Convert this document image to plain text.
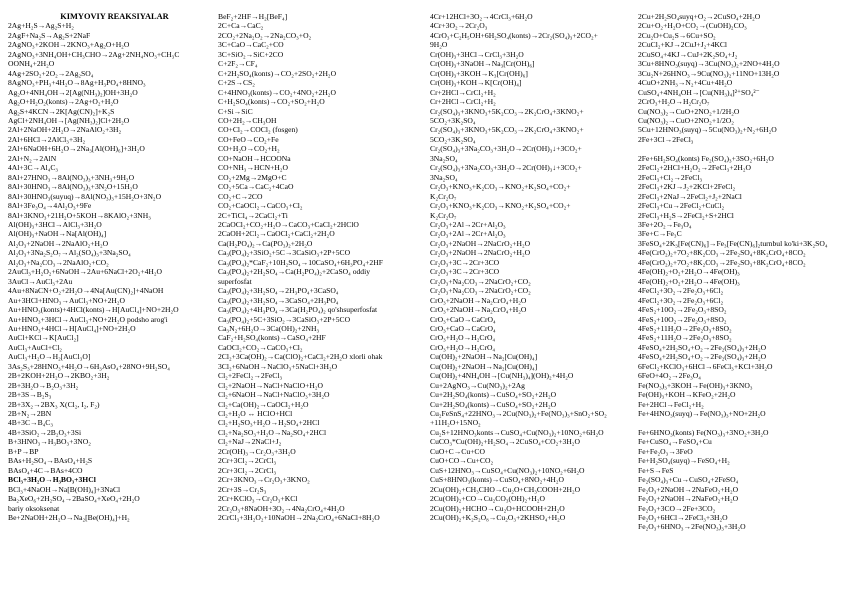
KIMYOVIY REAKSIYALAR
2Ag+H₂S→Ag₂S+H₂
2AgF+Na₂S→Ag₂S+2NaF
2AgNO₃+2KOH→2KNO₃+Ag₂O+H₂O
2AgNO₃+3NH₄OH+CH₃CHO→2Ag+2NH₄NO₃+CH₃C
OONH₄+2H₂O
4Ag+2SO₂+2O₂→2Ag₂SO₄
8AgNO₃+PH₃+4H₂O→8Ag+H₃PO₄+8HNO₃
Ag₂O+4NH₄OH→2[Ag(NH₃)₂]OH+3H₂O
Ag₂O+H₂O₂(konts)→2Ag+O₂+H₂O
Ag₂S+4KCN→2K[Ag(CN)₂]+K₂S
AgCl+2NH₄OH→[Ag(NH₃)₂]Cl+2H₂O
2Al+2NaOH+2H₂O→2NaAlO₂+3H₂
2Al+6HCl→2AlCl₃+3H₂
2Al+6NaOH+6H₂O→2Na₃[Al(OH)₆]+3H₂O
2Al+N₂→2AlN
4Al+3C→Al₄C₃
8Al+27HNO₃→8Al(NO₃)₃+3NH₃+9H₂O
8Al+30HNO₃→8Al(NO₃)₃+3N₂O+15H₂O
8Al+30HNO₃(suyuq)→8Al(NO₃)₃+15H₂O+3N₂O
8Al+3Fe₃O₄→4Al₂O₃+9Fe
8Al+3KNO₃+21H₂O+5KOH→8KAlO₂+3NH₃
Al(OH)₃+3HCl→AlCl₃+3H₂O
Al(OH)₃+NaOH→Na[Al(OH)₄]
Al₂O₃+2NaOH→2NaAlO₂+H₂O
Al₂O₃+3Na₂S₂O₇→Al₂(SO₄)₃+3Na₂SO₄
Al₂O₃+Na₂CO₃→2NaAlO₂+CO₂
2AuCl₃+H₂O₂+6NaOH→2Au+6NaCl+2O₂+4H₂O
3AuCl→AuCl₃+2Au
4Au+8NaCN+O₂+2H₂O→4Na[Au(CN)₂]+4NaOH
Au+3HCl+HNO₃→AuCl₃+NO+2H₂O
Au+HNO₃(konts)+4HCl(konts)→H[AuCl₄]+NO+2H₂O
Au+HNO₃+3HCl→AuCl₃+NO+2H₂O podsho arog'i
Au+HNO₃+4HCl→H[AuCl₄]+NO+2H₂O
AuCl+KCl→K[AuCl₂]
AuCl₃+AuCl+Cl₂
AuCl₃+H₂O→H₂[AuCl₃O]
3As₂S₃+28HNO₃+4H₂O→6H₃AsO₄+28NO+9H₂SO₄
2B+2KOH+2H₂O→2KBO₂+3H₂
2B+3H₂O→B₂O₃+3H₂
2B+3S→B₂S₃
2B+3X₂→2BX₃ X(Cl₂, I₂, F₂)
2B+N₂→2BN
4B+3C→B₄C₃
4B+3SiO₂→2B₂O₃+3Si
B+3HNO₃→H₃BO₃+3NO₂
B+P→BP
BAs+H₂SO₄→BAsO₄+H₂S
BAsO₄+4C→BAs+4CO
BCl₃+3H₂O→H₃BO₃+3HCl
BCl₃+4NaOH→Na[B(OH)₄]+3NaCl
Ba₂XeO₆+2H₂SO₄→2BaSO₄+XeO₄+2H₂O
bariy oksoksenat
Be+2NaOH+2H₂O→Na₂[Be(OH)₄]+H₂
BeF₂+2HF→H₂[BeF₄]
2C+Ca→CaC₂
2CO₂+2Na₂O₂→2Na₂CO₃+O₂
3C+CaO→CaC₂+CO
3C+SiO₂→SiC+2CO
C+2F₂→CF₄
C+2H₂SO₄(konts)→CO₂+2SO₂+2H₂O
C+2S→CS₂
C+4HNO₃(konts)→CO₂+4NO₂+2H₂O
C+H₂SO₄(konts)→CO₂+SO₂+H₂O
C+Si→SiC
CO+2H₂→CH₃OH
CO+Cl₂→COCl₂ (fosgen)
CO+FeO→CO₂+Fe
CO+H₂O→CO₂+H₂
CO+NaOH→HCOONa
CO+NH₃→HCN+H₂O
CO₂+2Mg→2MgO+C
CO₂+5Ca→CaC₂+4CaO
CO₂+C→2CO
CO₂+CaOCl₂→CaCO₃+Cl₂
2C+TiCl₄→2CaCl₂+Ti
2CaOCl₂+CO₂+H₂O→CaCO₃+CaCl₂+2HClO
2CaOH+2Cl₂→CaOCl₂+CaCl₂+2H₂O
Ca(H₂PO₄)₂→Ca(PO₃)₂+2H₂O
Ca₃(PO₄)₂+3SiO₂+5C→3CaSiO₃+2P+5CO
Ca₃(PO₄)₂*CaF₂+10H₂SO₄→10CaSO₄+6H₃PO₄+2HF
Ca₃(PO₄)₂+2H₂SO₄→Ca(H₂PO₄)₂+2CaSO₄ oddiy
superfosfat
Ca₃(PO₄)₂+3H₂SO₄→2H₃PO₄+3CaSO₄
Ca₃(PO₄)₂+3H₂SO₄→3CaSO₄+2H₃PO₄
Ca₃(PO₄)₂+4H₃PO₄→3Ca(H₂PO₄)₂ qo'shsuperfosfat
Ca₃(PO₄)₂+5C+3SiO₂→3CaSiO₃+2P+5CO
Ca₃N₂+6H₂O→3Ca(OH)₂+2NH₃
CaF₂+H₂SO₄(konts)→CaSO₄+2HF
CaOCl₂+CO₂→CaCO₃+Cl₂
2Cl₂+3Ca(OH)₂→Ca(ClO)₂+CaCl₂+2H₂O xlorli ohak
3Cl₂+6NaOH→NaClO₃+5NaCl+3H₂O
Cl₂+2FeCl₂→2FeCl₃
Cl₂+2NaOH→NaCl+NaClO+H₂O
Cl₂+6NaOH→NaCl+NaClO₃+3H₂O
Cl₂+Ca(OH)₂→CaOCl₂+H₂O
Cl₂+H₂O ↔ HClO+HCl
Cl₂+H₂SO₃+H₂O→H₂SO₄+2HCl
Cl₂+Na₂SO₃+H₂O→Na₂SO₄+2HCl
Cl₂+NaJ→2NaCl+J₂
2Cr(OH)₃→Cr₂O₃+3H₂O
2Cr+3Cl₂→2CrCl₃
2Cr+3Cl₂→2CrCl₃
2Cr+3KNO₃→Cr₂O₃+3KNO₂
2Cr+3S→Cr₂S₃
2Cr+KClO₃→Cr₂O₃+KCl
2Cr₂O₃+8NaOH+3O₂→4Na₂CrO₄+4H₂O
2CrCl₃+3H₂O₂+10NaOH→2Na₂CrO₄+6NaCl+8H₂O
4Cr+12HCl+3O₂→4CrCl₃+6H₂O
4Cr+3O₂→2Cr₂O₃
4CrO₃+C₂H₅OH+6H₂SO₄(konts)→2Cr₂(SO₄)₃+2CO₂+
9H₂O
Cr(OH)₃+3HCl→CrCl₃+3H₂O
Cr(OH)₃+3NaOH→Na₃[Cr(OH)₆]
Cr(OH)₃+3KOH→K₃[Cr(OH)₆]
Cr(OH)₃+KOH→K[Cr(OH)₄]
Cr+2HCl→CrCl₂+H₂
Cr+2HCl→CrCl₂+H₂
Cr₂(SO₄)₃+3KNO₃+5K₂CO₃→2K₂CrO₄+3KNO₂+
5CO₂+3K₂SO₄
Cr₂(SO₄)₃+3KNO₃+5K₂CO₃→2K₂CrO₄+3KNO₂+
5CO₂+3K₂SO₄
Cr₂(SO₄)₃+3Na₂CO₃+3H₂O→2Cr(OH)₃↓+3CO₂+
3Na₂SO₄
Cr₂(SO₄)₃+3Na₂CO₃+3H₂O→2Cr(OH)₃↓+3CO₂+
3Na₂SO₄
Cr₂O₃+KNO₃+K₂CO₃→KNO₂+K₂SO₄+CO₂+
K₂Cr₂O₇
Cr₂O₃+KNO₃+K₂CO₃→KNO₂+K₂SO₄+CO₂+
K₂Cr₂O₇
Cr₂O₃+2Al→2Cr+Al₂O₃
Cr₂O₃+2Al→2Cr+Al₂O₃
Cr₂O₃+2NaOH→2NaCrO₂+H₂O
Cr₂O₃+2NaOH→2NaCrO₂+H₂O
Cr₂O₃+3C→2Cr+3CO
Cr₂O₃+3C→2Cr+3CO
Cr₂O₃+Na₂CO₃→2NaCrO₂+CO₂
Cr₂O₃+Na₂CO₃→2NaCrO₂+CO₂
CrO₃+2NaOH→Na₂CrO₄+H₂O
CrO₃+2NaOH→Na₂CrO₄+H₂O
CrO₃+CaO→CaCrO₄
CrO₃+CaO→CaCrO₄
CrO₃+H₂O→H₂CrO₄
CrO₃+H₂O→H₂CrO₄
Cu(OH)₂+2NaOH→Na₂[Cu(OH)₄]
Cu(OH)₂+2NaOH→Na₂[Cu(OH)₄]
Cu(OH)₂+4NH₄OH→[Cu(NH₃)₄](OH)₂+4H₂O
Cu+2AgNO₃→Cu(NO₃)₂+2Ag
Cu+2H₂SO₄(konts)→CuSO₄+SO₂+2H₂O
Cu+2H₂SO₄(konts)→CuSO₄+SO₂+2H₂O
Cu₂FeSnS₄+22HNO₃→2Cu(NO₃)₂+Fe(NO₃)₃+SnO₂+SO₂
+11H₂O+15NO₂
Cu₂S+12HNO₃konts→CuSO₄+Cu(NO₃)₂+10NO₂+6H₂O
CuCO₃*Cu(OH)₂+H₂SO₄→2CuSO₄+CO₂+3H₂O
CuO+C→Cu+CO
CuO+CO→Cu+CO₂
CuS+12HNO₃→CuSO₄+Cu(NO₃)₂+10NO₂+6H₂O
CuS+8HNO₃(konts)→CuSO₄+8NO₂+4H₂O
2Cu(OH)₂+CH₃CHO→Cu₂O+CH₃COOH+2H₂O
2Cu(OH)₂+CO→Cu₂CO₃(OH)₂+H₂O
2Cu(OH)₂+HCHO→Cu₂O+HCOOH+2H₂O
2Cu(OH)₂+K₂S₂O₈→Cu₂O₃+2KHSO₄+H₂O
2Cu+2H₂SO₄suyq+O₂→2CuSO₄+2H₂O
2Cu+O₂+H₂O+CO₂→(CuOH)₂CO₃
2Cu₂O+Cu₂S→6Cu+SO₂
2CuCl₂+KJ→2CuJ+J₂+4KCl
2CuSO₄+4KJ→CuJ+2K₂SO₄+J₂
3Cu+8HNO₃(suyq)→3Cu(NO₃)₂+2NO+4H₂O
3Cu₂N+26HNO₃→9Cu(NO₃)₂+11NO+13H₂O
4CuO+2NH₃→N₂+4Cu+4H₂O
CuSO₄+4NH₄OH→[Cu(NH₃)₄]²⁺SO₄²⁻
2CrO₃+H₂O→H₂Cr₂O₇
Cu(NO₃)₂→CuO+2NO₂+1/2H₂O
Cu(NO₃)₂→CuO+2NO₂+1/2O₂
5Cu+12HNO₃(suyq)→5Cu(NO₃)₂+N₂+6H₂O
2Fe+3Cl→2FeCl₃

2Fe+6H₂SO₄(konts) Fe₂(SO₄)₃+3SO₂+6H₂O
2FeCl₂+2HCl+H₂O₂→2FeCl₃+2H₂O
2FeCl₃+Cl₂→2FeCl₃
2FeCl₃+2KJ→J₂+2KCl+2FeCl₂
2FeCl₃+2NaJ→2FeCl₂+J₂+2NaCl
2FeCl₃+Cu→2FeCl₂+CuCl₂
2FeCl₃+H₂S→2FeCl₂+S+2HCl
3Fe+2O₂→Fe₃O₄
3Fe+C→Fe₃C
3FeSO₄+2K₃[Fe(CN)₆]→Fe₃[Fe(CN)₆]₂turnbul ko'ki+3K₂SO₄
4Fe(CrO₂)₂+7O₂+8K₂CO₃→2Fe₂SO₄+8K₂CrO₄+8CO₂
4Fe(CrO₂)₂+7O₂+8K₂CO₃→2Fe₂SO₃+8K₂CrO₄+8CO₂
4Fe(OH)₂+O₂+2H₂O→4Fe(OH)₃
4Fe(OH)₂+O₂+2H₂O→4Fe(OH)₃
4FeCl₂+3O₂→2Fe₂O₃+6Cl₂
4FeCl₂+3O₂→2Fe₂O₃+6Cl₂
4FeS₂+10O₂→2Fe₂O₃+8SO₂
4FeS₂+10O₂→2Fe₂O₃+8SO₂
4FeS₂+11H₂O→2Fe₂O₃+8SO₂
4FeS₂+11H₂O→2Fe₂O₃+8SO₂
4FeSO₄+2H₂SO₄+O₂→2Fe₂(SO₄)₃+2H₂O
4FeSO₄+2H₂SO₄+O₂→2Fe₂(SO₄)₃+2H₂O
6FeCl₂+KClO₃+6HCl→6FeCl₃+KCl+3H₂O
6FeO+4O₂→2Fe₃O₄
Fe(NO₃)₃+3KOH→Fe(OH)₃+3KNO₃
Fe(OH)₃+KOH→KFeO₂+2H₂O
Fe+2HCl→FeCl₂+H₂
Fe+4HNO₃(suyq)→Fe(NO₃)₃+NO+2H₂O

Fe+6HNO₃(konts) Fe(NO₃)₃+3NO₂+3H₂O
Fe+CuSO₄→FeSO₄+Cu
Fe+Fe₂O₃→3FeO
Fe+H₂SO₄(suyq)→FeSO₄+H₂
Fe+S→FeS
Fe₂(SO₄)₃+Cu→CuSO₄+2FeSO₄
Fe₂O₃+2NaOH→2NaFeO₂+H₂O
Fe₂O₃+2NaOH→2NaFeO₂+H₂O
Fe₂O₃+3CO→2Fe+3CO₂
Fe₂O₃+6HCl→2FeCl₃+3H₂O
Fe₂O₃+6HNO₃→2Fe(NO₃)₃+3H₂O
